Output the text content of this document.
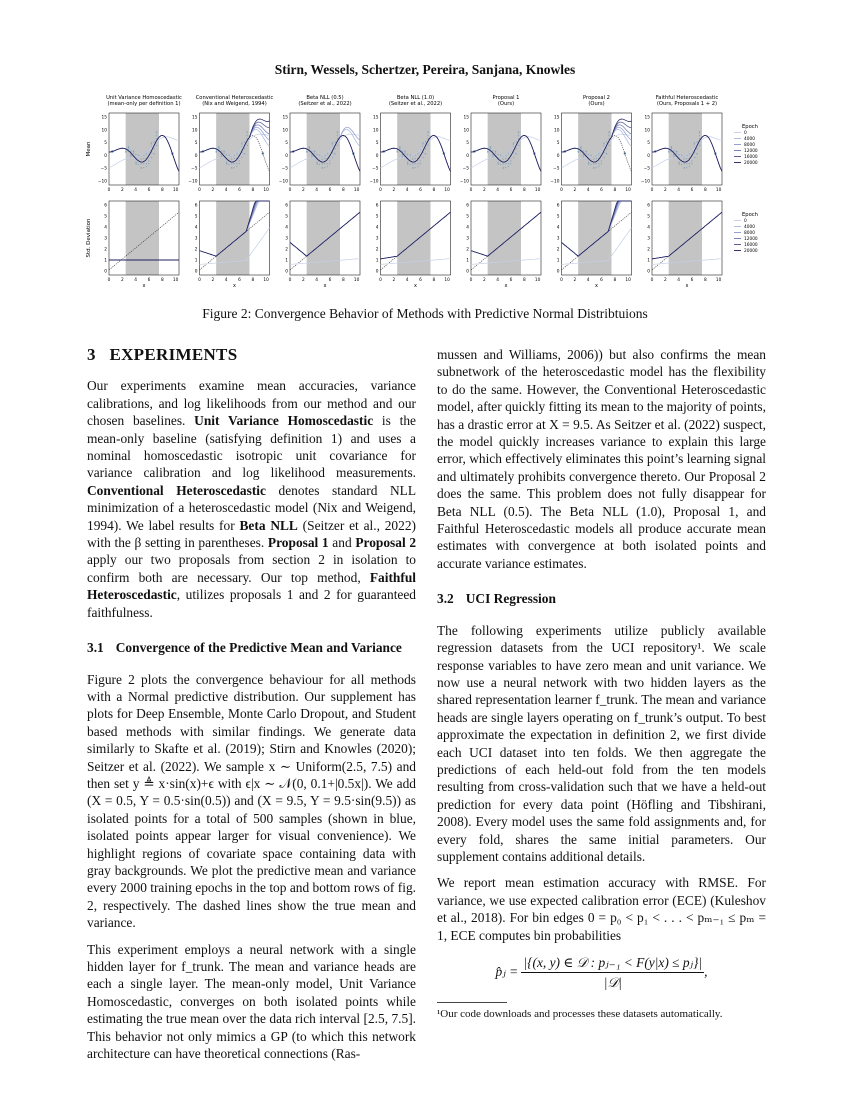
Stirn, Wessels, Schertzer, Pereira, Sanjana, Knowles
Mean
Std. Deviation
Unit Variance Homoscedastic
(mean-only per definition 1)
0 2 4 6 8 10
15
10
5
0
−5
−10
0 2 4 6 8 10
x
6
5
4
3
2
1
0
Conventional Heteroscedastic
(Nix and Weigend, 1994)
0 2 4 6 8 10
15
10
5
0
−5
−10
0 2 4 6 8 10
x
6
5
4
3
2
1
0
Beta NLL (0.5)
(Seitzer et al., 2022)
0 2 4 6 8 10
15
10
5
0
−5
−10
0 2 4 6 8 10
x
6
5
4
3
2
1
0
Beta NLL (1.0)
(Seitzer et al., 2022)
0 2 4 6 8 10
15
10
5
0
−5
−10
0 2 4 6 8 10
x
6
5
4
3
2
1
0
Proposal 1
(Ours)
0 2 4 6 8 10
15
10
5
0
−5
−10
0 2 4 6 8 10
x
6
5
4
3
2
1
0
Proposal 2
(Ours)
0 2 4 6 8 10
15
10
5
0
−5
−10
0 2 4 6 8 10
x
6
5
4
3
2
1
0
Faithful Heteroscedastic
(Ours, Proposals 1 + 2)
0 2 4 6 8 10
15
10
5
0
−5
−10
0 2 4 6 8 10
x
6
5
4
3
2
1
0
Epoch
0
4000
8000
12000
16000
20000
Epoch
0
4000
8000
12000
16000
20000
Figure 2: Convergence Behavior of Methods with Predictive Normal Distribtuions
3 EXPERIMENTS

Our experiments examine mean accuracies, variance calibrations, and log likelihoods from our method and our chosen baselines. Unit Variance Homoscedastic is the mean-only baseline (satisfying definition 1) and uses a nominal homoscedastic isotropic unit covariance for variance calibration and log likelihood measurements. Conventional Heteroscedastic denotes standard NLL minimization of a heteroscedastic model (Nix and Weigend, 1994). We label results for Beta NLL (Seitzer et al., 2022) with the β setting in parentheses. Proposal 1 and Proposal 2 apply our two proposals from section 2 in isolation to confirm both are necessary. Our top method, Faithful Heteroscedastic, utilizes proposals 1 and 2 for guaranteed faithfulness.

3.1 Convergence of the Predictive Mean and Variance

Figure 2 plots the convergence behaviour for all methods with a Normal predictive distribution. Our supplement has plots for Deep Ensemble, Monte Carlo Dropout, and Student based methods with similar findings. We generate data similarly to Skafte et al. (2019); Stirn and Knowles (2020); Seitzer et al. (2022). We sample x ∼ Uniform(2.5, 7.5) and then set y ≜ x·sin(x)+ϵ with ϵ|x ∼ 𝒩(0, 0.1+|0.5x|). We add (X = 0.5, Y = 0.5·sin(0.5)) and (X = 9.5, Y = 9.5·sin(9.5)) as isolated points for a total of 500 samples (shown in blue, isolated points appear larger for visual convenience). We highlight regions of covariate space containing data with gray backgrounds. We plot the predictive mean and variance every 2000 training epochs in the top and bottom rows of fig. 2, respectively. The dashed lines show the true mean and variance.

This experiment employs a neural network with a single hidden layer for f_trunk. The mean and variance heads are each a single layer. The mean-only model, Unit Variance Homoscedastic, converges on both isolated points while estimating the true mean over the data rich interval [2.5, 7.5]. This behavior not only mimics a GP (to which this network architecture can have theoretical connections (Ras-

mussen and Williams, 2006)) but also confirms the mean subnetwork of the heteroscedastic model has the flexibility to do the same. However, the Conventional Heteroscedastic model, after quickly fitting its mean to the majority of points, has a drastic error at X = 9.5. As Seitzer et al. (2022) suspect, the model quickly increases variance to explain this large error, which effectively eliminates this point’s learning signal and ultimately prohibits convergence thereto. Our Proposal 2 does the same. This problem does not fully disappear for Beta NLL (0.5). The Beta NLL (1.0), Proposal 1, and Faithful Heteroscedastic models all produce accurate mean estimates with convergence at both isolated points and accurate variance estimates.

3.2 UCI Regression

The following experiments utilize publicly available regression datasets from the UCI repository¹. We scale response variables to have zero mean and unit variance. We now use a neural network with two hidden layers as the shared representation learner f_trunk. The mean and variance heads are single layers operating on f_trunk’s output. To best approximate the expectation in definition 2, we first divide each UCI dataset into ten folds. We then aggregate the predictions of each held-out fold from the ten models resulting from cross-validation such that we have a held-out prediction for every data point (Höfling and Tibshirani, 2008). Every model uses the same fold assignments and, for every fold, shares the same initial parameters. Our supplement contains additional details.

We report mean estimation accuracy with RMSE. For variance, we use expected calibration error (ECE) (Kuleshov et al., 2018). For bin edges 0 = p₀ < p₁ < . . . < pₘ₋₁ ≤ pₘ = 1, ECE computes bin probabilities

p̂ⱼ = $\frac{\text{|\{(x, y) ∈ 𝒟 : pⱼ₋₁ < F(y|x) ≤ pⱼ\}|}}{\text{|𝒟|}}$ ,
¹Our code downloads and processes these datasets automatically.
